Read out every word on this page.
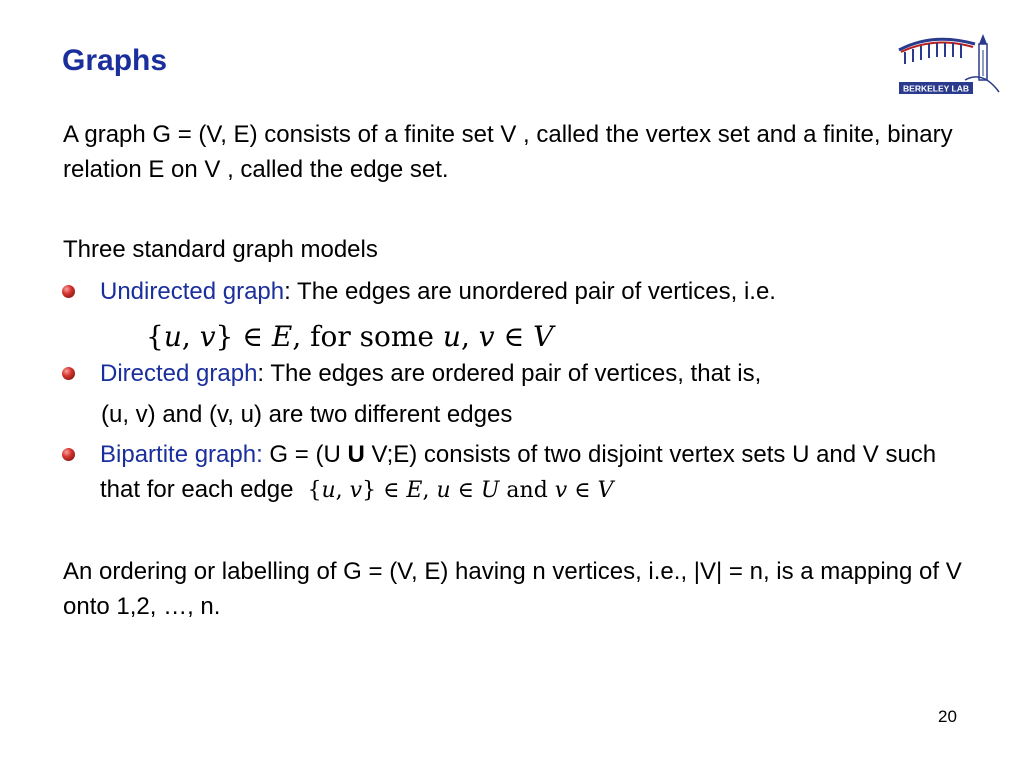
Graphs
BERKELEY LAB

A graph G = (V, E) consists of a finite set V , called the vertex set and a finite, binary relation E on V , called the edge set.

Three standard graph models

Undirected graph: The edges are unordered pair of vertices, i.e.
{u, v} ∈ E, for some u, v ∈ V
Directed graph: The edges are ordered pair of vertices, that is,
(u, v) and (v, u) are two different edges
Bipartite graph: G = (U U V;E) consists of two disjoint vertex sets U and V such that for each edge {u, v} ∈ E, u ∈ U and v ∈ V

An ordering or labelling of G = (V, E) having n vertices, i.e., |V| = n, is a mapping of V onto 1,2, …, n.

20
